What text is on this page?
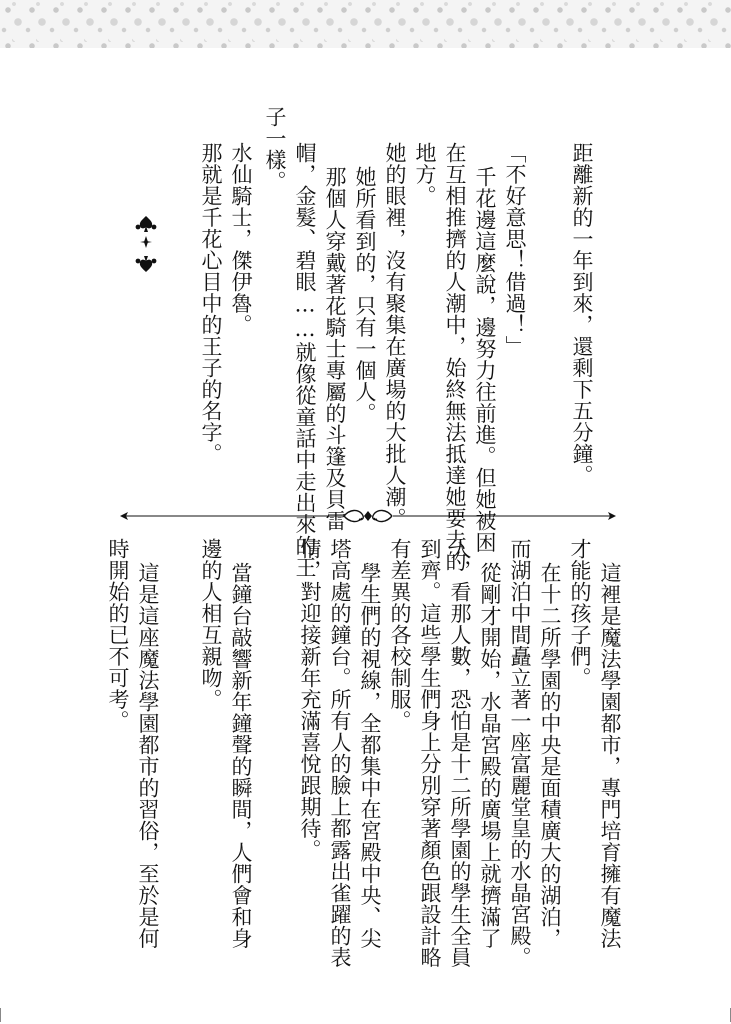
距離新的一年到來，還剩下五分鐘。

「不好意思！借過！」

千花邊這麼說，邊努力往前進。但她被困

在互相推擠的人潮中，始終無法抵達她要去的

地方。

她的眼裡，沒有聚集在廣場的大批人潮。

她所看到的，只有一個人。

那個人穿戴著花騎士專屬的斗篷及貝雷

帽，金髮、碧眼……就像從童話中走出來的王

子一樣。

水仙騎士，傑伊魯。

那就是千花心目中的王子的名字。

這裡是魔法學園都市，專門培育擁有魔法

才能的孩子們。

在十二所學園的中央是面積廣大的湖泊，

而湖泊中間矗立著一座富麗堂皇的水晶宮殿。

從剛才開始，水晶宮殿的廣場上就擠滿了

人，看那人數，恐怕是十二所學園的學生全員

到齊。這些學生們身上分別穿著顏色跟設計略

有差異的各校制服。

學生們的視線，全都集中在宮殿中央、尖

塔高處的鐘台。所有人的臉上都露出雀躍的表

情，對迎接新年充滿喜悅跟期待。

當鐘台敲響新年鐘聲的瞬間，人們會和身

邊的人相互親吻。

這是這座魔法學園都市的習俗，至於是何

時開始的已不可考。
